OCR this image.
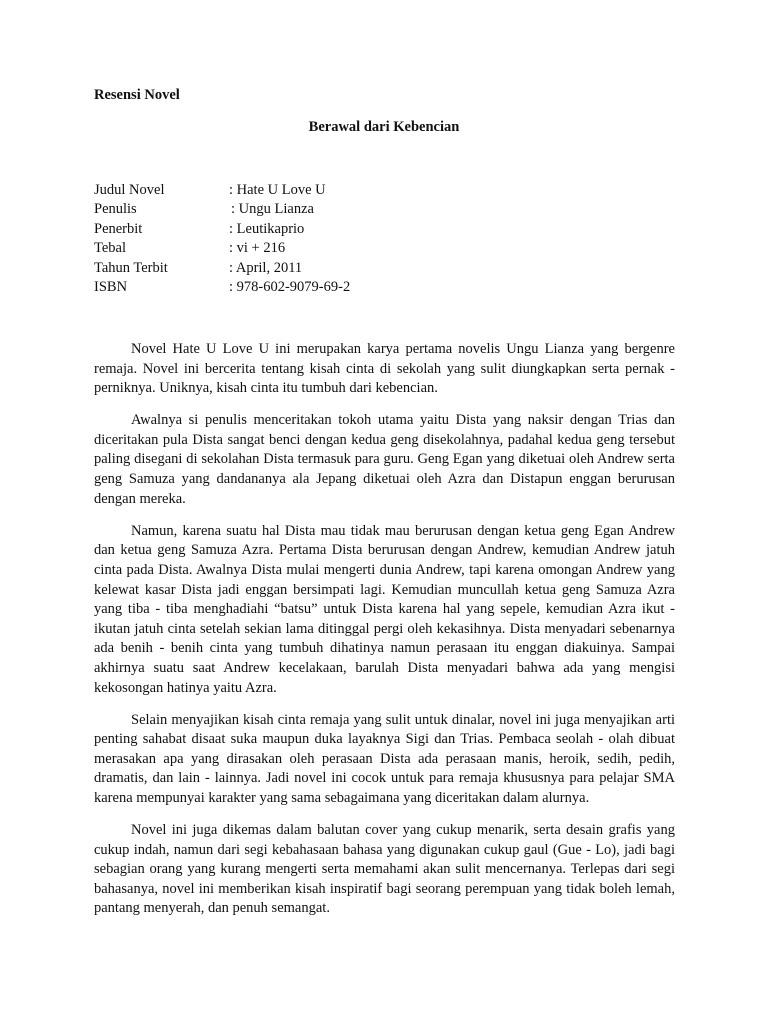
Resensi Novel
Berawal dari Kebencian
Judul Novel	: Hate U Love U
Penulis	: Ungu Lianza
Penerbit	: Leutikaprio
Tebal	: vi + 216
Tahun Terbit	: April, 2011
ISBN	: 978-602-9079-69-2

Novel Hate U Love U ini merupakan karya pertama novelis Ungu Lianza yang bergenre remaja. Novel ini bercerita tentang kisah cinta di sekolah yang sulit diungkapkan serta pernak - perniknya. Uniknya, kisah cinta itu tumbuh dari kebencian.

Awalnya si penulis menceritakan tokoh utama yaitu Dista yang naksir dengan Trias dan diceritakan pula Dista sangat benci dengan kedua geng disekolahnya, padahal kedua geng tersebut paling disegani di sekolahan Dista termasuk para guru. Geng Egan yang diketuai oleh Andrew serta geng Samuza yang dandananya ala Jepang diketuai oleh Azra dan Distapun enggan berurusan dengan mereka.

Namun, karena suatu hal Dista mau tidak mau berurusan dengan ketua geng Egan Andrew dan ketua geng Samuza Azra. Pertama Dista berurusan dengan Andrew, kemudian Andrew jatuh cinta pada Dista. Awalnya Dista mulai mengerti dunia Andrew, tapi karena omongan Andrew yang kelewat kasar Dista jadi enggan bersimpati lagi. Kemudian muncullah ketua geng Samuza Azra yang tiba - tiba menghadiahi “batsu” untuk Dista karena hal yang sepele, kemudian Azra ikut - ikutan jatuh cinta setelah sekian lama ditinggal pergi oleh kekasihnya. Dista menyadari sebenarnya ada benih - benih cinta yang tumbuh dihatinya namun perasaan itu enggan diakuinya. Sampai akhirnya suatu saat Andrew kecelakaan, barulah Dista menyadari bahwa ada yang mengisi kekosongan hatinya yaitu Azra.

Selain menyajikan kisah cinta remaja yang sulit untuk dinalar, novel ini juga menyajikan arti penting sahabat disaat suka maupun duka layaknya Sigi dan Trias. Pembaca seolah - olah dibuat merasakan apa yang dirasakan oleh perasaan Dista ada perasaan manis, heroik, sedih, pedih, dramatis, dan lain - lainnya. Jadi novel ini cocok untuk para remaja khususnya para pelajar SMA karena mempunyai karakter yang sama sebagaimana yang diceritakan dalam alurnya.

Novel ini juga dikemas dalam balutan cover yang cukup menarik, serta desain grafis yang cukup indah, namun dari segi kebahasaan bahasa yang digunakan cukup gaul (Gue - Lo), jadi bagi sebagian orang yang kurang mengerti serta memahami akan sulit mencernanya. Terlepas dari segi bahasanya, novel ini memberikan kisah inspiratif bagi seorang perempuan yang tidak boleh lemah, pantang menyerah, dan penuh semangat.
